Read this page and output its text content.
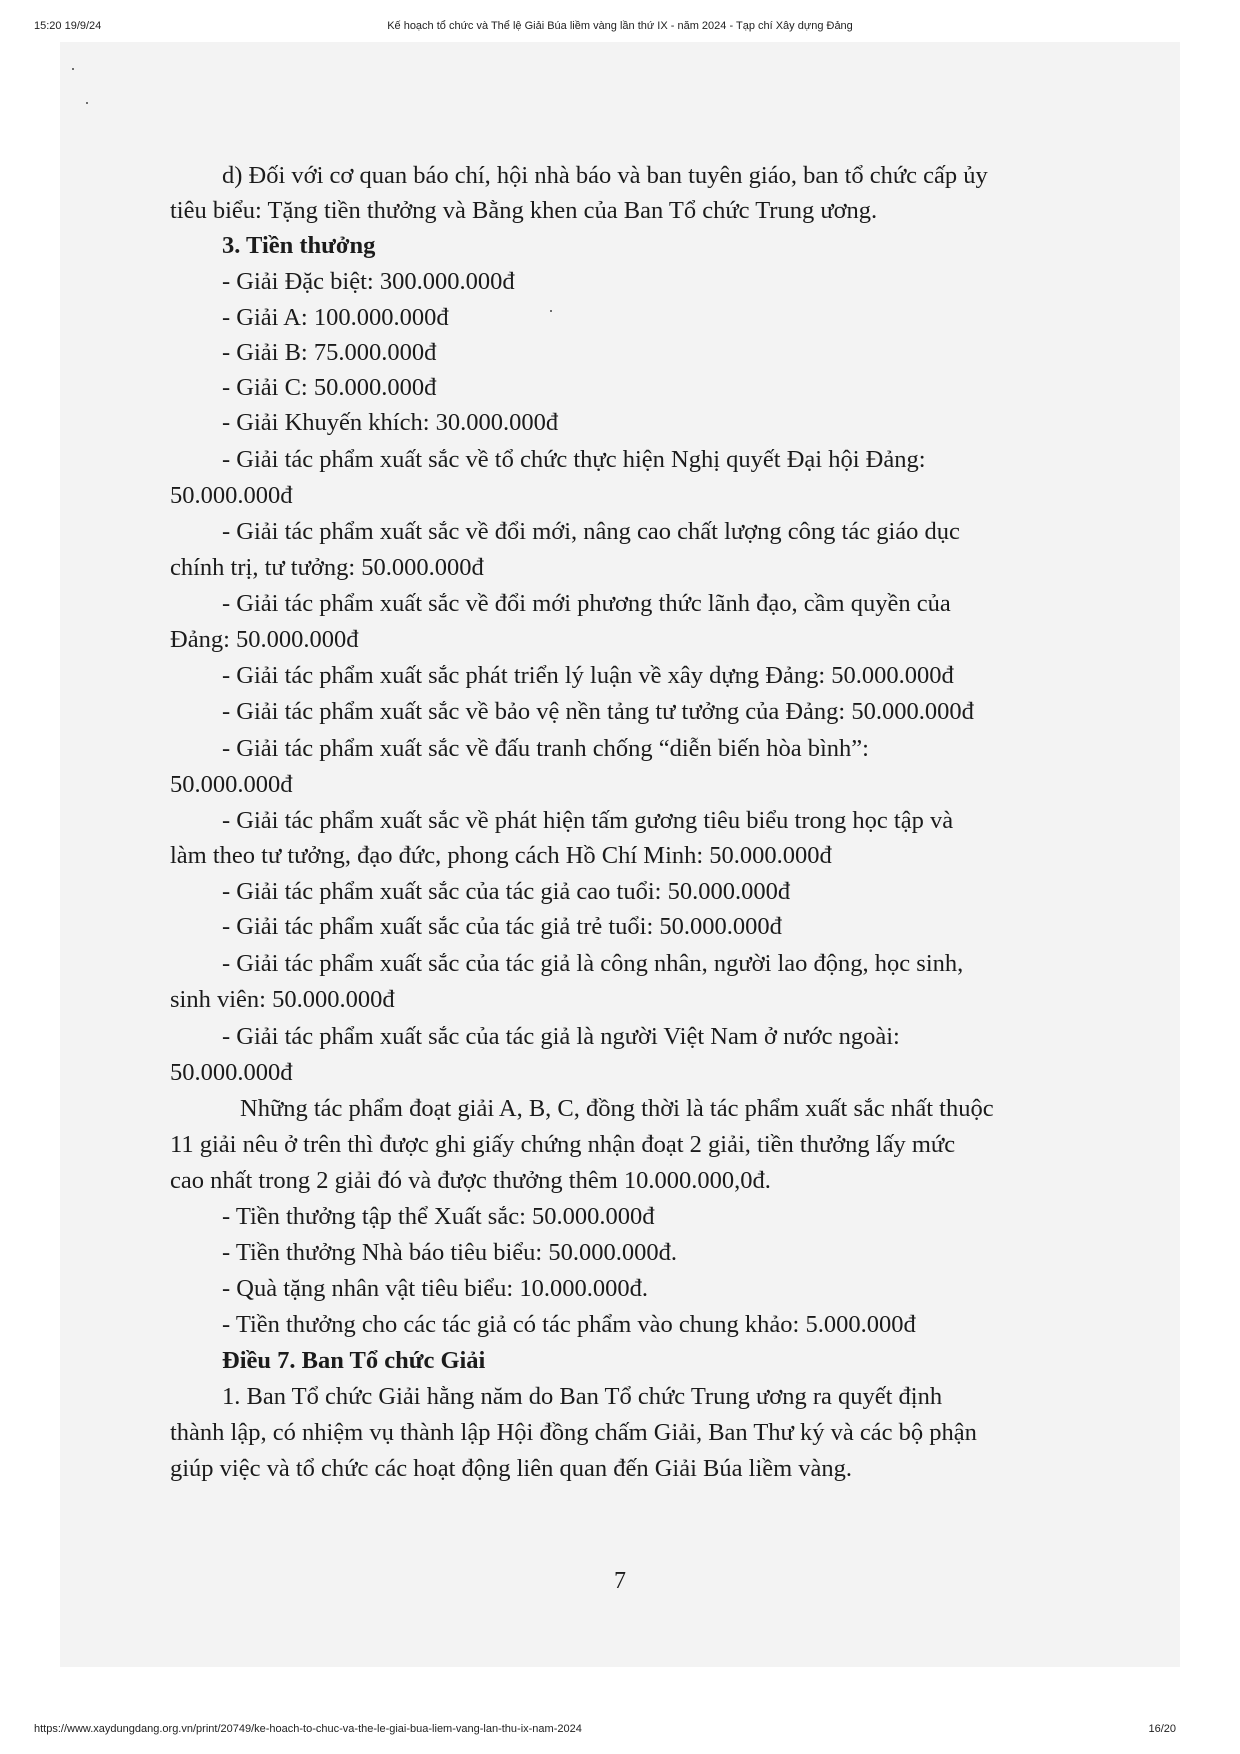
15:20 19/9/24	Kế hoạch tổ chức và Thể lệ Giải Búa liềm vàng lần thứ IX - năm 2024 - Tạp chí Xây dựng Đảng
d) Đối với cơ quan báo chí, hội nhà báo và ban tuyên giáo, ban tổ chức cấp ủy
tiêu biểu: Tặng tiền thưởng và Bằng khen của Ban Tổ chức Trung ương.
3. Tiền thưởng
- Giải Đặc biệt: 300.000.000đ
- Giải A: 100.000.000đ
- Giải B: 75.000.000đ
- Giải C: 50.000.000đ
- Giải Khuyến khích: 30.000.000đ
- Giải tác phẩm xuất sắc về tổ chức thực hiện Nghị quyết Đại hội Đảng:
50.000.000đ
- Giải tác phẩm xuất sắc về đổi mới, nâng cao chất lượng công tác giáo dục
chính trị, tư tưởng: 50.000.000đ
- Giải tác phẩm xuất sắc về đổi mới phương thức lãnh đạo, cầm quyền của
Đảng: 50.000.000đ
- Giải tác phẩm xuất sắc phát triển lý luận về xây dựng Đảng: 50.000.000đ
- Giải tác phẩm xuất sắc về bảo vệ nền tảng tư tưởng của Đảng: 50.000.000đ
- Giải tác phẩm xuất sắc về đấu tranh chống “diễn biến hòa bình”:
50.000.000đ
- Giải tác phẩm xuất sắc về phát hiện tấm gương tiêu biểu trong học tập và
làm theo tư tưởng, đạo đức, phong cách Hồ Chí Minh: 50.000.000đ
- Giải tác phẩm xuất sắc của tác giả cao tuổi: 50.000.000đ
- Giải tác phẩm xuất sắc của tác giả trẻ tuổi: 50.000.000đ
- Giải tác phẩm xuất sắc của tác giả là công nhân, người lao động, học sinh,
sinh viên: 50.000.000đ
- Giải tác phẩm xuất sắc của tác giả là người Việt Nam ở nước ngoài:
50.000.000đ
Những tác phẩm đoạt giải A, B, C, đồng thời là tác phẩm xuất sắc nhất thuộc
11 giải nêu ở trên thì được ghi giấy chứng nhận đoạt 2 giải, tiền thưởng lấy mức
cao nhất trong 2 giải đó và được thưởng thêm 10.000.000,0đ.
- Tiền thưởng tập thể Xuất sắc: 50.000.000đ
- Tiền thưởng Nhà báo tiêu biểu: 50.000.000đ.
- Quà tặng nhân vật tiêu biểu: 10.000.000đ.
- Tiền thưởng cho các tác giả có tác phẩm vào chung khảo: 5.000.000đ
Điều 7. Ban Tổ chức Giải
1. Ban Tổ chức Giải hằng năm do Ban Tổ chức Trung ương ra quyết định
thành lập, có nhiệm vụ thành lập Hội đồng chấm Giải, Ban Thư ký và các bộ phận
giúp việc và tổ chức các hoạt động liên quan đến Giải Búa liềm vàng.
7
https://www.xaydungdang.org.vn/print/20749/ke-hoach-to-chuc-va-the-le-giai-bua-liem-vang-lan-thu-ix-nam-2024	16/20
